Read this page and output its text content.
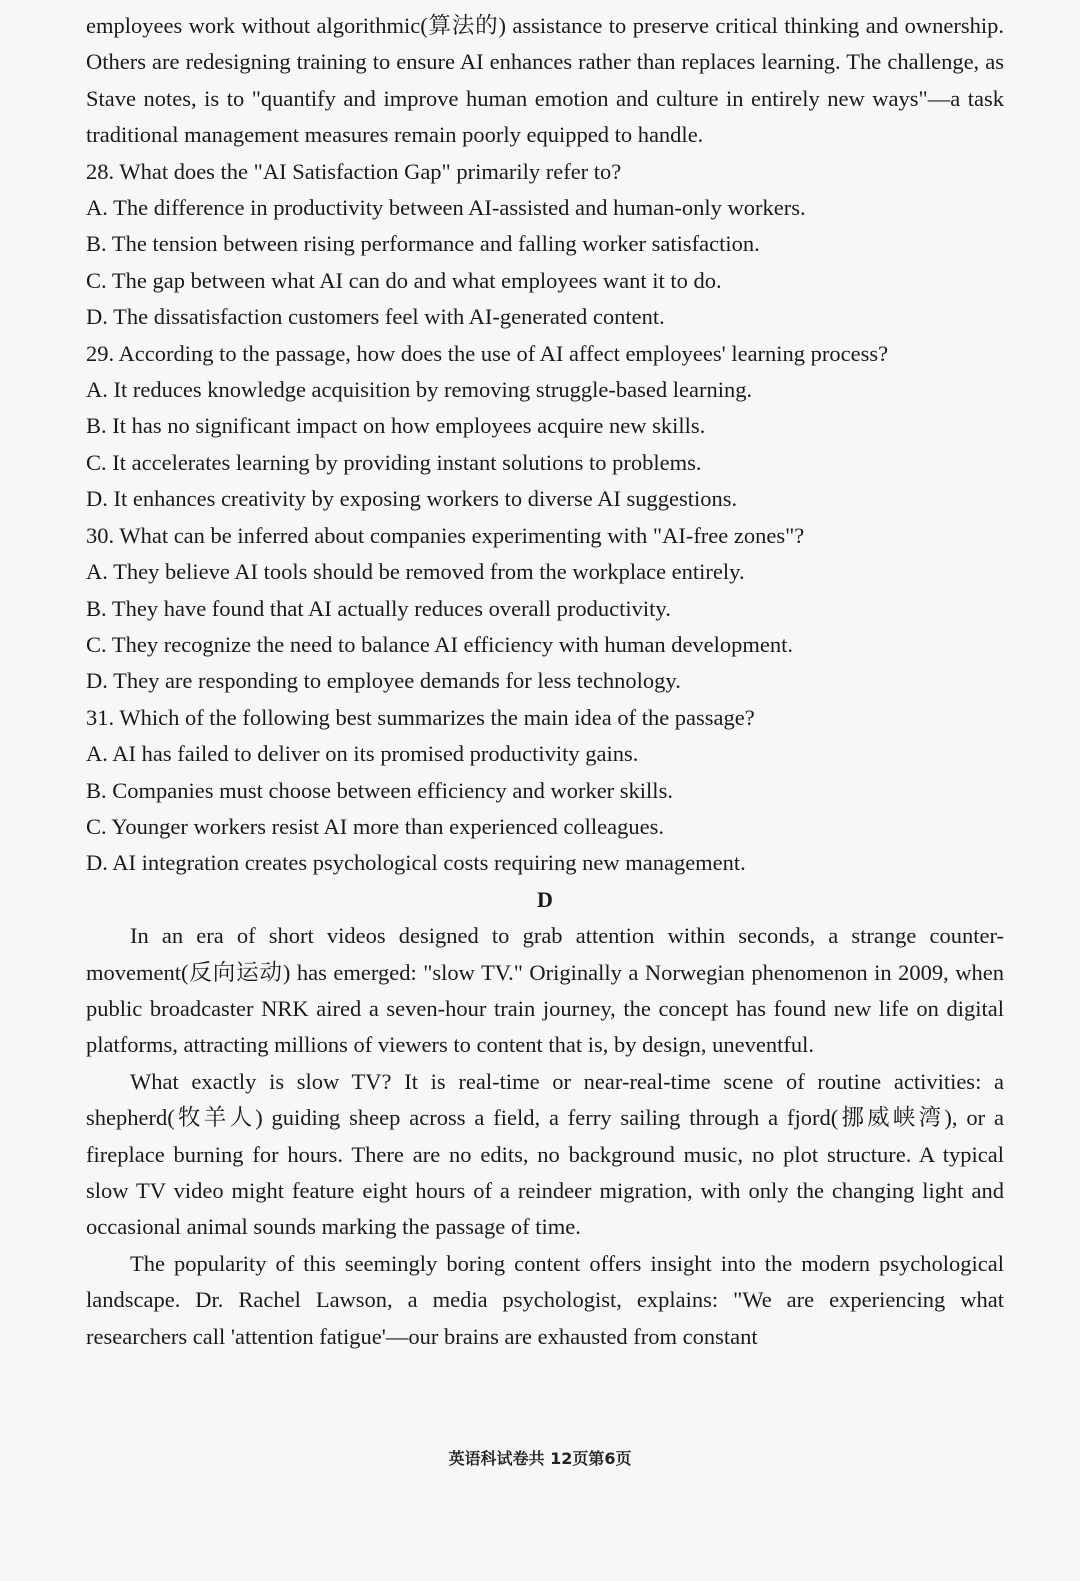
employees work without algorithmic(算法的) assistance to preserve critical thinking and ownership. Others are redesigning training to ensure AI enhances rather than replaces learning. The challenge, as Stave notes, is to "quantify and improve human emotion and culture in entirely new ways"—a task traditional management measures remain poorly equipped to handle.

28. What does the "AI Satisfaction Gap" primarily refer to?

A. The difference in productivity between AI-assisted and human-only workers.

B. The tension between rising performance and falling worker satisfaction.

C. The gap between what AI can do and what employees want it to do.

D. The dissatisfaction customers feel with AI-generated content.

29. According to the passage, how does the use of AI affect employees' learning process?

A. It reduces knowledge acquisition by removing struggle-based learning.

B. It has no significant impact on how employees acquire new skills.

C. It accelerates learning by providing instant solutions to problems.

D. It enhances creativity by exposing workers to diverse AI suggestions.

30. What can be inferred about companies experimenting with "AI-free zones"?

A. They believe AI tools should be removed from the workplace entirely.

B. They have found that AI actually reduces overall productivity.

C. They recognize the need to balance AI efficiency with human development.

D. They are responding to employee demands for less technology.

31. Which of the following best summarizes the main idea of the passage?

A. AI has failed to deliver on its promised productivity gains.

B. Companies must choose between efficiency and worker skills.

C. Younger workers resist AI more than experienced colleagues.

D. AI integration creates psychological costs requiring new management.

D

In an era of short videos designed to grab attention within seconds, a strange counter-movement(反向运动) has emerged: "slow TV." Originally a Norwegian phenomenon in 2009, when public broadcaster NRK aired a seven-hour train journey, the concept has found new life on digital platforms, attracting millions of viewers to content that is, by design, uneventful.

What exactly is slow TV? It is real-time or near-real-time scene of routine activities: a shepherd(牧羊人) guiding sheep across a field, a ferry sailing through a fjord(挪威峡湾), or a fireplace burning for hours. There are no edits, no background music, no plot structure. A typical slow TV video might feature eight hours of a reindeer migration, with only the changing light and occasional animal sounds marking the passage of time.

The popularity of this seemingly boring content offers insight into the modern psychological landscape. Dr. Rachel Lawson, a media psychologist, explains: "We are experiencing what researchers call 'attention fatigue'—our brains are exhausted from constant

英语科试卷共 12页第6页
